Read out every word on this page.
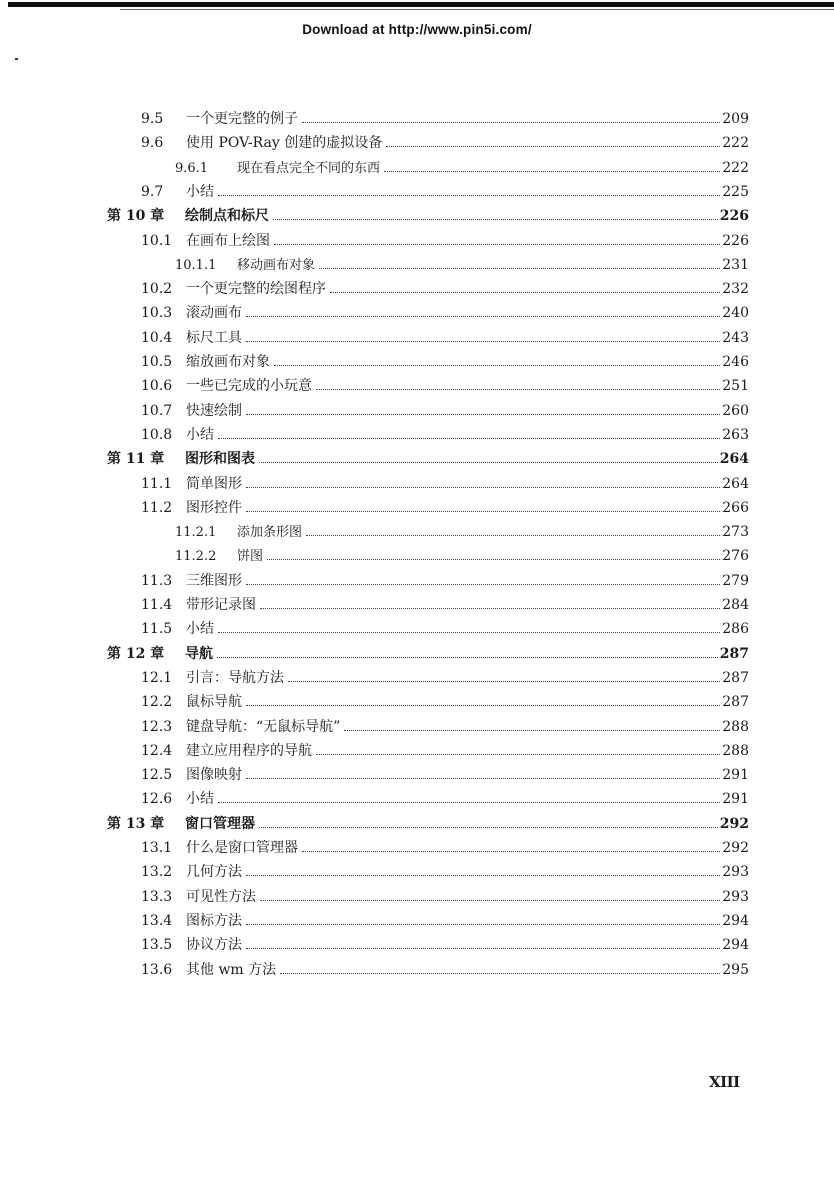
Download at http://www.pin5i.com/
9.5	一个更完整的例子	209
9.6	使用 POV-Ray 创建的虚拟设备	222
9.6.1	现在看点完全不同的东西	222
9.7	小结	225
第 10 章	绘制点和标尺	226
10.1 在画布上绘图	226
10.1.1	移动画布对象	231
10.2 一个更完整的绘图程序	232
10.3 滚动画布	240
10.4 标尺工具	243
10.5 缩放画布对象	246
10.6 一些已完成的小玩意	251
10.7 快速绘制	260
10.8 小结	263
第 11 章	图形和图表	264
11.1 简单图形	264
11.2 图形控件	266
11.2.1	添加条形图	273
11.2.2	饼图	276
11.3 三维图形	279
11.4 带形记录图	284
11.5 小结	286
第 12 章	导航	287
12.1 引言：导航方法	287
12.2 鼠标导航	287
12.3 键盘导航：“无鼠标导航”	288
12.4 建立应用程序的导航	288
12.5 图像映射	291
12.6 小结	291
第 13 章	窗口管理器	292
13.1 什么是窗口管理器	292
13.2 几何方法	293
13.3 可见性方法	293
13.4 图标方法	294
13.5 协议方法	294
13.6 其他 wm 方法	295
XIII
